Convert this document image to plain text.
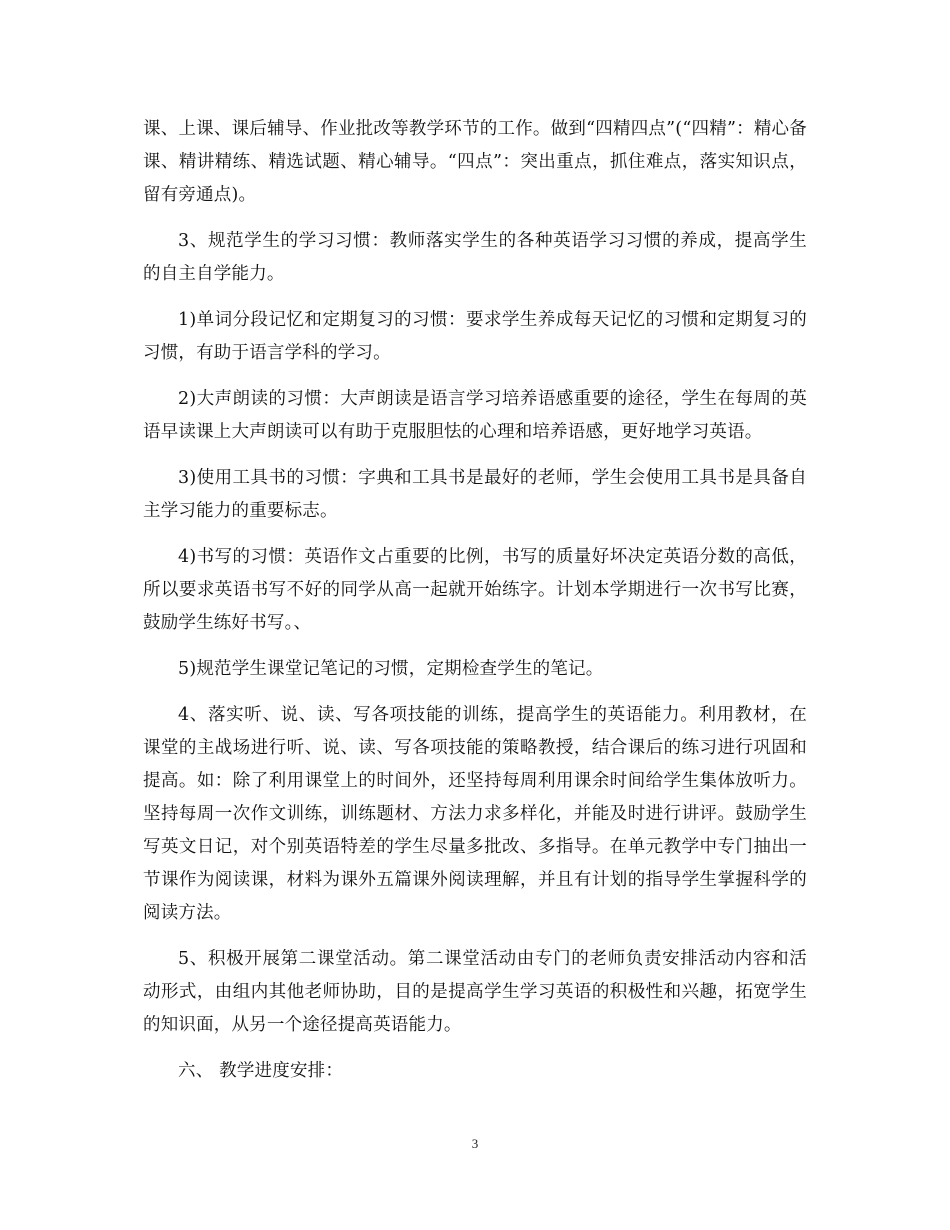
课、上课、课后辅导、作业批改等教学环节的工作。做到“四精四点”(“四精”：精心备课、精讲精练、精选试题、精心辅导。“四点”：突出重点，抓住难点，落实知识点，留有旁通点)。

3、规范学生的学习习惯：教师落实学生的各种英语学习习惯的养成，提高学生的自主自学能力。

1)单词分段记忆和定期复习的习惯：要求学生养成每天记忆的习惯和定期复习的习惯，有助于语言学科的学习。

2)大声朗读的习惯：大声朗读是语言学习培养语感重要的途径，学生在每周的英语早读课上大声朗读可以有助于克服胆怯的心理和培养语感，更好地学习英语。

3)使用工具书的习惯：字典和工具书是最好的老师，学生会使用工具书是具备自主学习能力的重要标志。

4)书写的习惯：英语作文占重要的比例，书写的质量好坏决定英语分数的高低，所以要求英语书写不好的同学从高一起就开始练字。计划本学期进行一次书写比赛，鼓励学生练好书写。、

5)规范学生课堂记笔记的习惯，定期检查学生的笔记。

4、落实听、说、读、写各项技能的训练，提高学生的英语能力。利用教材，在课堂的主战场进行听、说、读、写各项技能的策略教授，结合课后的练习进行巩固和提高。如：除了利用课堂上的时间外，还坚持每周利用课余时间给学生集体放听力。坚持每周一次作文训练，训练题材、方法力求多样化，并能及时进行讲评。鼓励学生写英文日记，对个别英语特差的学生尽量多批改、多指导。在单元教学中专门抽出一节课作为阅读课，材料为课外五篇课外阅读理解，并且有计划的指导学生掌握科学的阅读方法。

5、积极开展第二课堂活动。第二课堂活动由专门的老师负责安排活动内容和活动形式，由组内其他老师协助，目的是提高学生学习英语的积极性和兴趣，拓宽学生的知识面，从另一个途径提高英语能力。

六、 教学进度安排：

3
